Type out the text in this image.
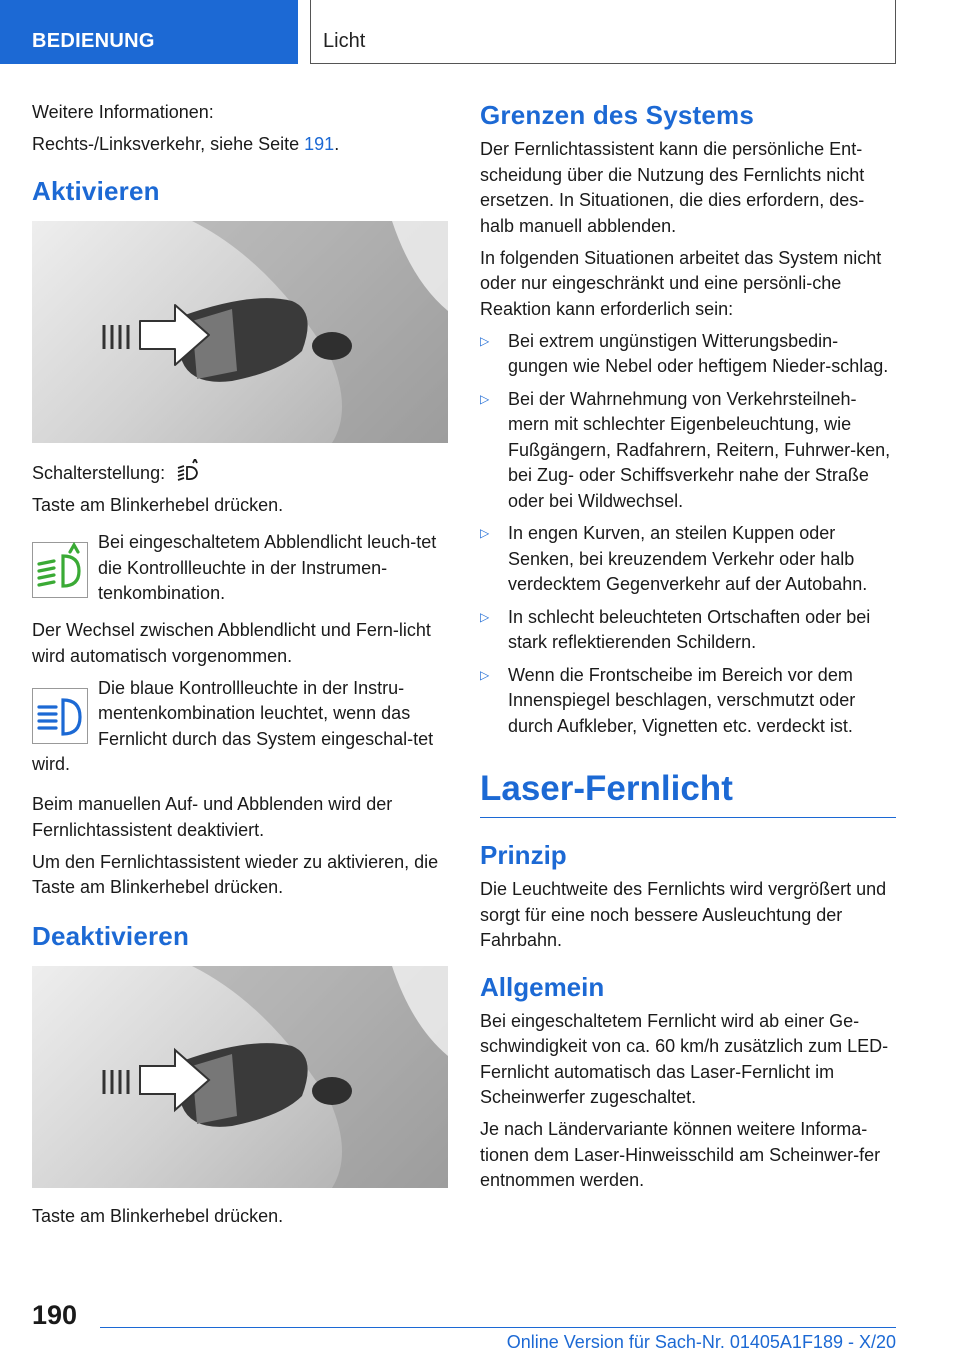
BEDIENUNG	Licht

Weitere Informationen:

Rechts-/Linksverkehr, siehe Seite 191.

Aktivieren
Schalterstellung:

Taste am Blinkerhebel drücken.

Bei eingeschaltetem Abblendlicht leuch-tet die Kontrollleuchte in der Instrumen-tenkombination.

Der Wechsel zwischen Abblendlicht und Fern-licht wird automatisch vorgenommen.

Die blaue Kontrollleuchte in der Instru-mentenkombination leuchtet, wenn das Fernlicht durch das System eingeschal-tet wird.

Beim manuellen Auf- und Abblenden wird der Fernlichtassistent deaktiviert.

Um den Fernlichtassistent wieder zu aktivieren, die Taste am Blinkerhebel drücken.

Deaktivieren

Taste am Blinkerhebel drücken.

Grenzen des Systems

Der Fernlichtassistent kann die persönliche Ent-scheidung über die Nutzung des Fernlichts nicht ersetzen. In Situationen, die dies erfordern, des-halb manuell abblenden.

In folgenden Situationen arbeitet das System nicht oder nur eingeschränkt und eine persönli-che Reaktion kann erforderlich sein:

▷ Bei extrem ungünstigen Witterungsbedin-gungen wie Nebel oder heftigem Nieder-schlag.
▷ Bei der Wahrnehmung von Verkehrsteilneh-mern mit schlechter Eigenbeleuchtung, wie Fußgängern, Radfahrern, Reitern, Fuhrwer-ken, bei Zug- oder Schiffsverkehr nahe der Straße oder bei Wildwechsel.
▷ In engen Kurven, an steilen Kuppen oder Senken, bei kreuzendem Verkehr oder halb verdecktem Gegenverkehr auf der Autobahn.
▷ In schlecht beleuchteten Ortschaften oder bei stark reflektierenden Schildern.
▷ Wenn die Frontscheibe im Bereich vor dem Innenspiegel beschlagen, verschmutzt oder durch Aufkleber, Vignetten etc. verdeckt ist.
Laser-Fernlicht
Prinzip

Die Leuchtweite des Fernlichts wird vergrößert und sorgt für eine noch bessere Ausleuchtung der Fahrbahn.

Allgemein

Bei eingeschaltetem Fernlicht wird ab einer Ge-schwindigkeit von ca. 60 km/h zusätzlich zum LED-Fernlicht automatisch das Laser-Fernlicht im Scheinwerfer zugeschaltet.

Je nach Ländervariante können weitere Informa-tionen dem Laser-Hinweisschild am Scheinwer-fer entnommen werden.

190
Online Version für Sach-Nr. 01405A1F189 - X/20
